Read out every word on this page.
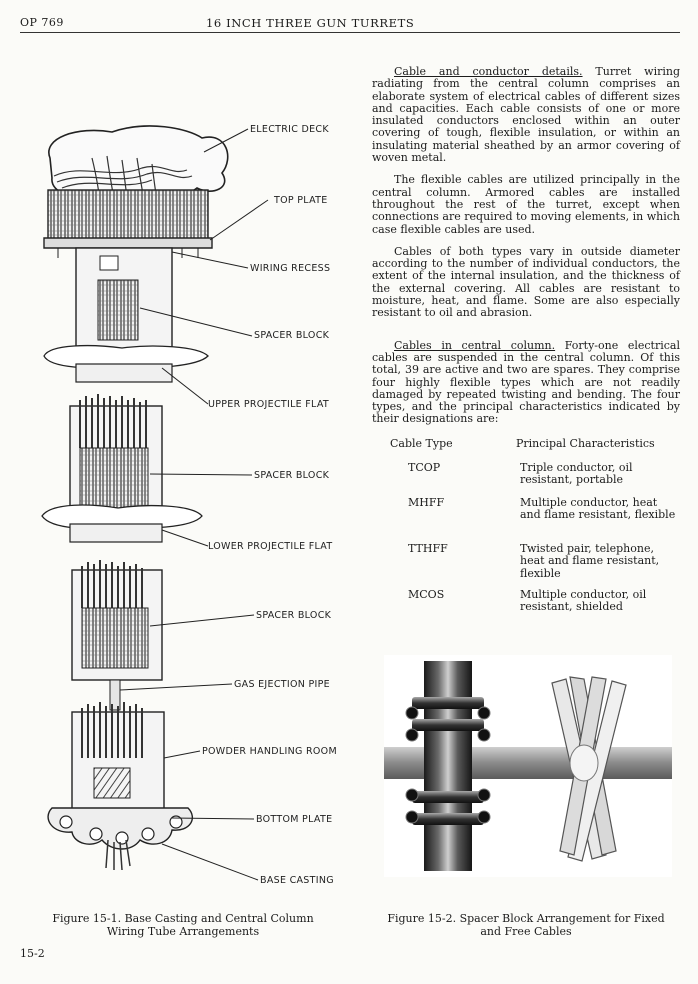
OP 769	16 INCH THREE GUN TURRETS
ELECTRIC DECK
TOP PLATE
WIRING RECESS
SPACER BLOCK
UPPER PROJECTILE FLAT
SPACER BLOCK
LOWER PROJECTILE FLAT
SPACER BLOCK
GAS EJECTION PIPE
POWDER HANDLING ROOM
BOTTOM PLATE
BASE CASTING

Cable and conductor details. Turret wiring radiating from the central column comprises an elaborate system of electrical cables of different sizes and capacities. Each cable consists of one or more insulated conductors enclosed within an outer covering of tough, flexible insulation, or within an insulating material sheathed by an armor covering of woven metal.

The flexible cables are utilized principally in the central column. Armored cables are installed throughout the rest of the turret, except when connections are required to moving elements, in which case flexible cables are used.

Cables of both types vary in outside diameter according to the number of individual conductors, the extent of the internal insulation, and the thickness of the external covering. All cables are resistant to moisture, heat, and flame. Some are also especially resistant to oil and abrasion.

Cables in central column. Forty-one electrical cables are suspended in the central column. Of this total, 39 are active and two are spares. They comprise four highly flexible types which are not readily damaged by repeated twisting and bending. The four types, and the principal characteristics indicated by their designations are:

Cable Type	Principal Characteristics
TCOP	Triple conductor, oil resistant, portable
MHFF	Multiple conductor, heat and flame resistant, flexible
TTHFF	Twisted pair, telephone, heat and flame resistant, flexible
MCOS	Multiple conductor, oil resistant, shielded
Figure 15-1. Base Casting and Central Column
Wiring Tube Arrangements
Figure 15-2. Spacer Block Arrangement for Fixed
and Free Cables
15-2
